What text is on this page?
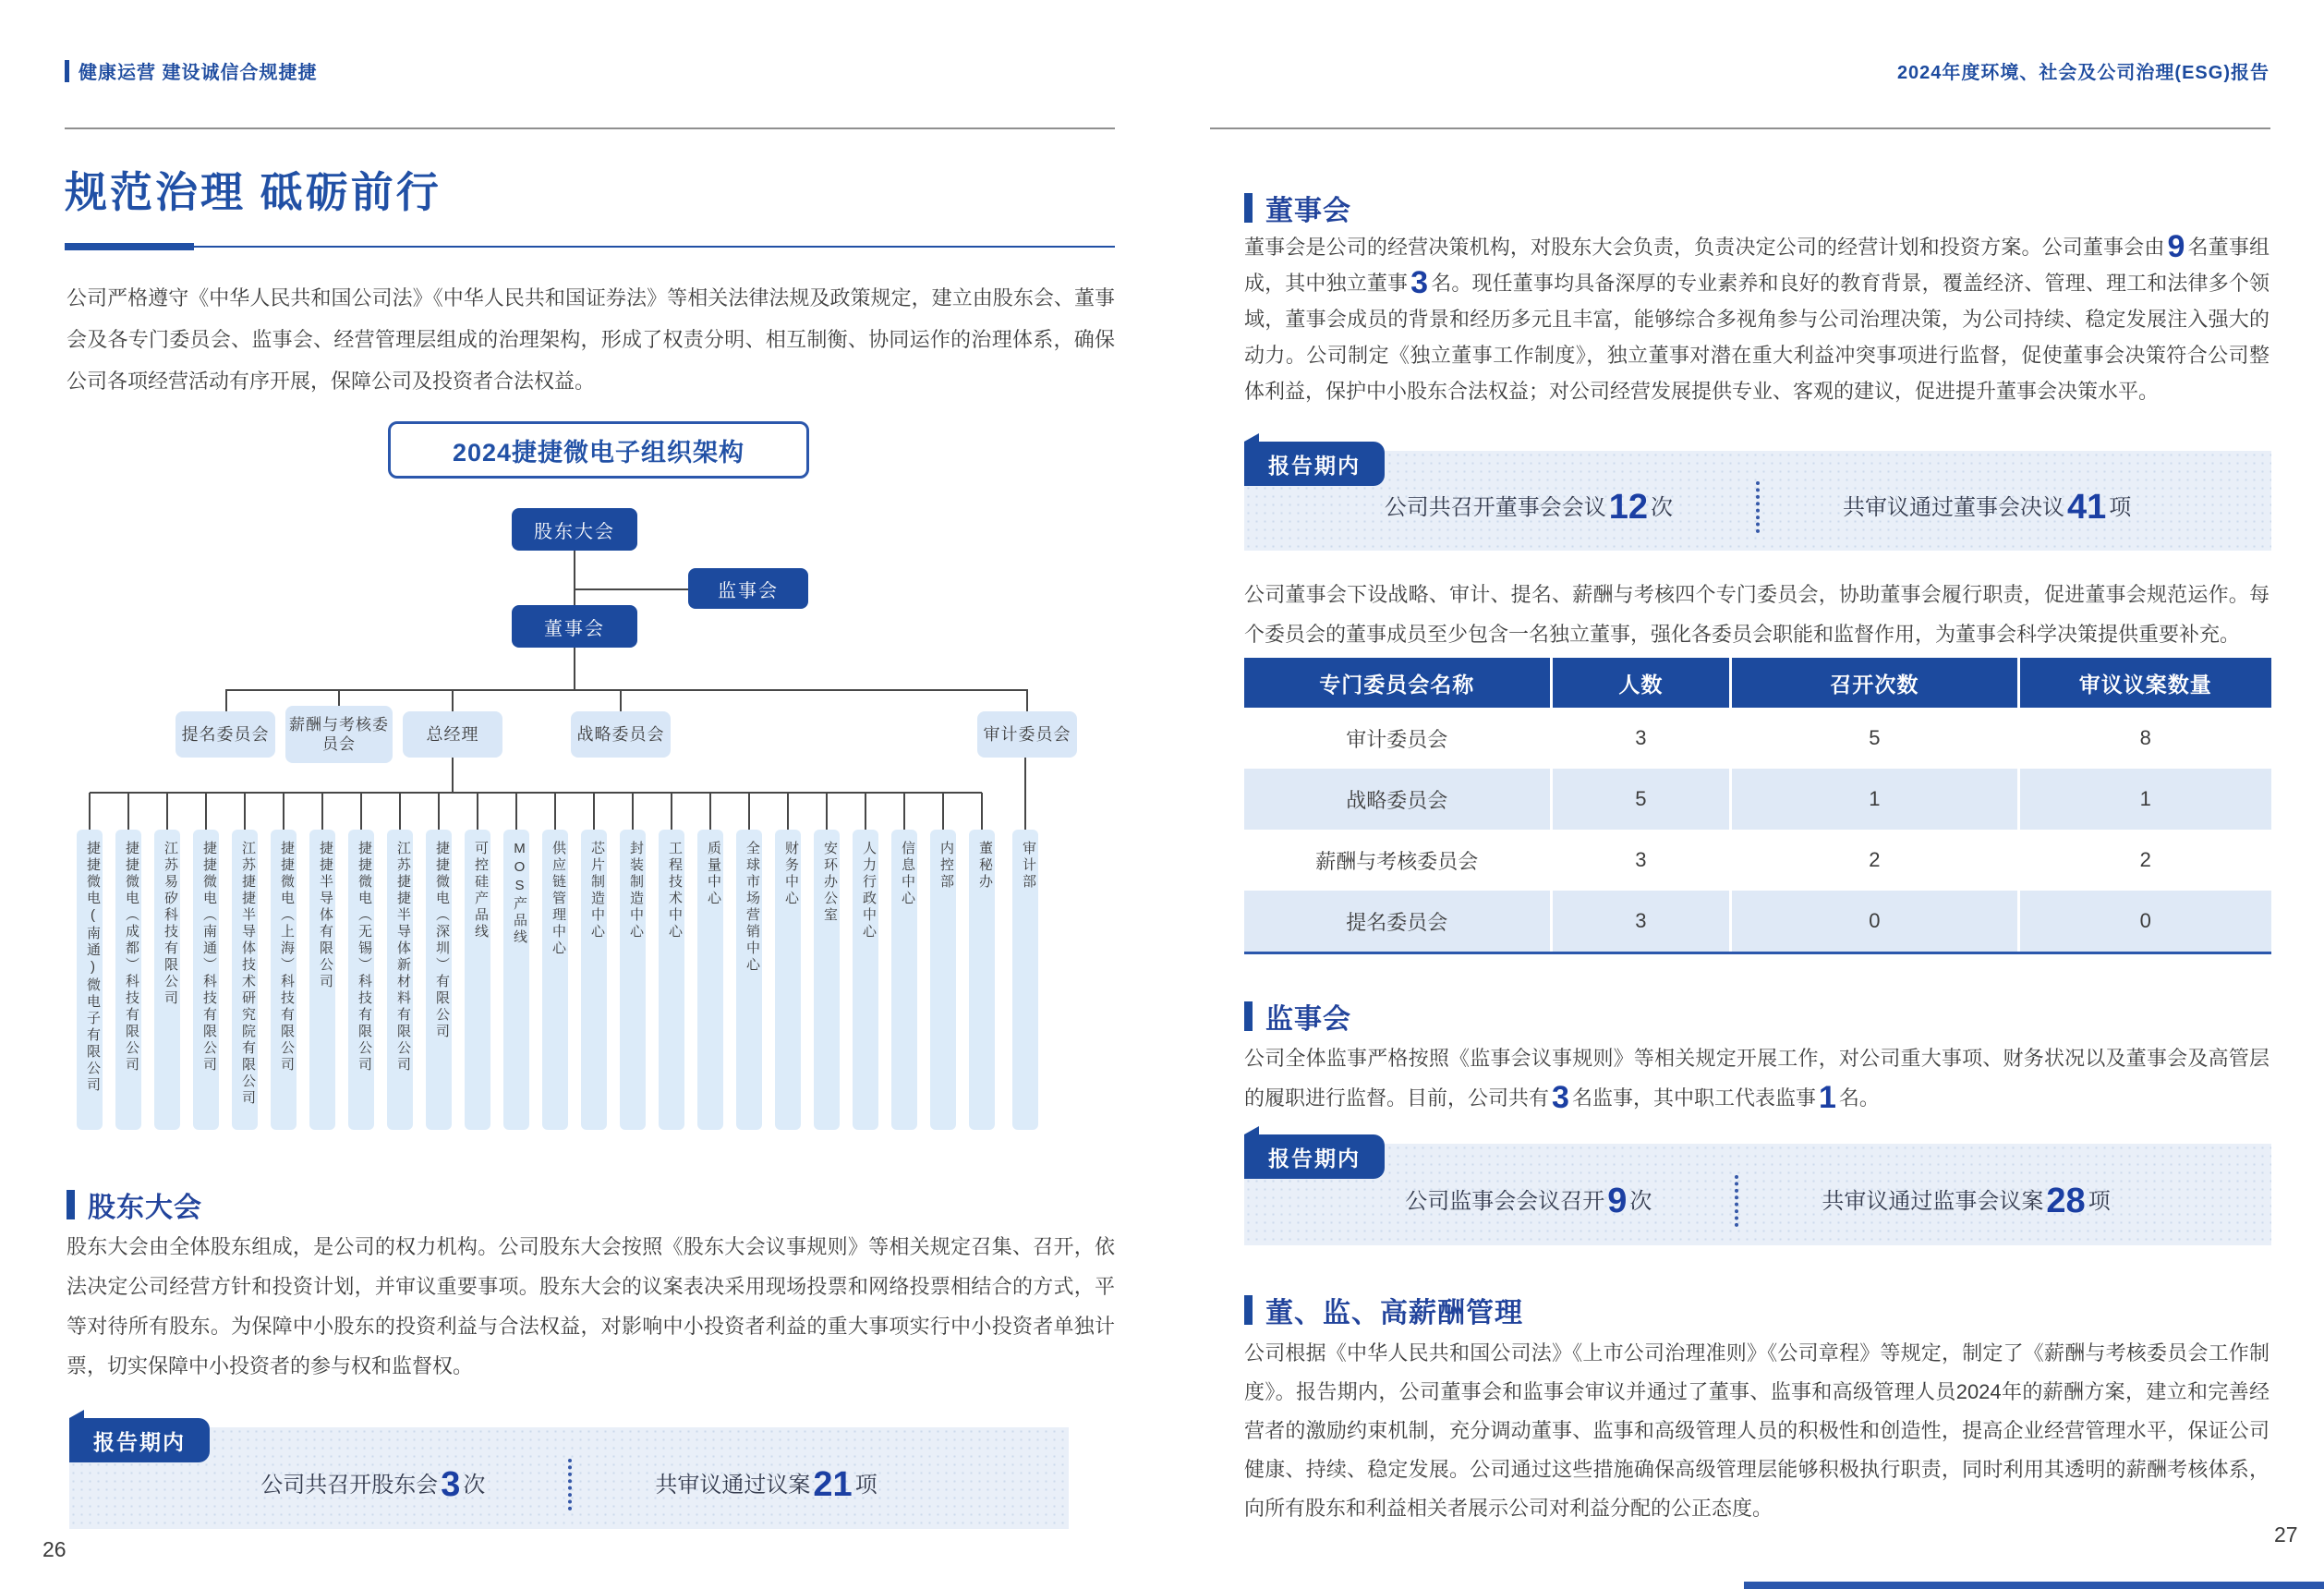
健康运营 建设诚信合规捷捷
规范治理 砥砺前行

公司严格遵守《中华人民共和国公司法》《中华人民共和国证券法》等相关法律法规及政策规定，建立由股东会、董事会及各专门委员会、监事会、经营管理层组成的治理架构，形成了权责分明、相互制衡、协同运作的治理体系，确保公司各项经营活动有序开展，保障公司及投资者合法权益。

2024捷捷微电子组织架构
股东大会
监事会
董事会
提名委员会	薪酬与考核委员会
总经理	战略委员会	审计委员会
捷捷微电(南通)微电子有限公司	捷捷微电（成都）科技有限公司	江苏易矽科技有限公司	捷捷微电（南通）科技有限公司	江苏捷捷半导体技术研究院有限公司	捷捷微电（上海）科技有限公司	捷捷半导体有限公司	捷捷微电（无锡）科技有限公司	江苏捷捷半导体新材料有限公司	捷捷微电（深圳）有限公司	可控硅产品线	MOS产品线	供应链管理中心	芯片制造中心	封装制造中心	工程技术中心	质量中心	全球市场营销中心	财务中心	安环办公室	人力行政中心	信息中心	内控部	董秘办	审计部
股东大会

股东大会由全体股东组成，是公司的权力机构。公司股东大会按照《股东大会议事规则》等相关规定召集、召开，依法决定公司经营方针和投资计划，并审议重要事项。股东大会的议案表决采用现场投票和网络投票相结合的方式，平等对待所有股东。为保障中小股东的投资利益与合法权益，对影响中小投资者利益的重大事项实行中小投资者单独计票，切实保障中小投资者的参与权和监督权。

报告期内
公司共召开股东会3 次	共审议通过议案21 项
26
2024年度环境、社会及公司治理(ESG)报告
董事会

董事会是公司的经营决策机构，对股东大会负责，负责决定公司的经营计划和投资方案。公司董事会由9 名董事组成，其中独立董事3 名。现任董事均具备深厚的专业素养和良好的教育背景，覆盖经济、管理、理工和法律多个领域，董事会成员的背景和经历多元且丰富，能够综合多视角参与公司治理决策，为公司持续、稳定发展注入强大的动力。公司制定《独立董事工作制度》，独立董事对潜在重大利益冲突事项进行监督，促使董事会决策符合公司整体利益，保护中小股东合法权益；对公司经营发展提供专业、客观的建议，促进提升董事会决策水平。

报告期内
公司共召开董事会会议12 次	共审议通过董事会决议41 项

公司董事会下设战略、审计、提名、薪酬与考核四个专门委员会，协助董事会履行职责，促进董事会规范运作。每个委员会的董事成员至少包含一名独立董事，强化各委员会职能和监督作用，为董事会科学决策提供重要补充。

专门委员会名称	人数	召开次数	审议议案数量
审计委员会	3	5	8
战略委员会	5	1	1
薪酬与考核委员会	3	2	2
提名委员会	3	0	0
监事会

公司全体监事严格按照《监事会议事规则》等相关规定开展工作，对公司重大事项、财务状况以及董事会及高管层的履职进行监督。目前，公司共有3 名监事，其中职工代表监事1 名。

报告期内
公司监事会会议召开9 次	共审议通过监事会议案28 项
董、监、高薪酬管理

公司根据《中华人民共和国公司法》《上市公司治理准则》《公司章程》等规定，制定了《薪酬与考核委员会工作制度》。报告期内，公司董事会和监事会审议并通过了董事、监事和高级管理人员2024年的薪酬方案，建立和完善经营者的激励约束机制，充分调动董事、监事和高级管理人员的积极性和创造性，提高企业经营管理水平，保证公司健康、持续、稳定发展。公司通过这些措施确保高级管理层能够积极执行职责，同时利用其透明的薪酬考核体系，向所有股东和利益相关者展示公司对利益分配的公正态度。

27
